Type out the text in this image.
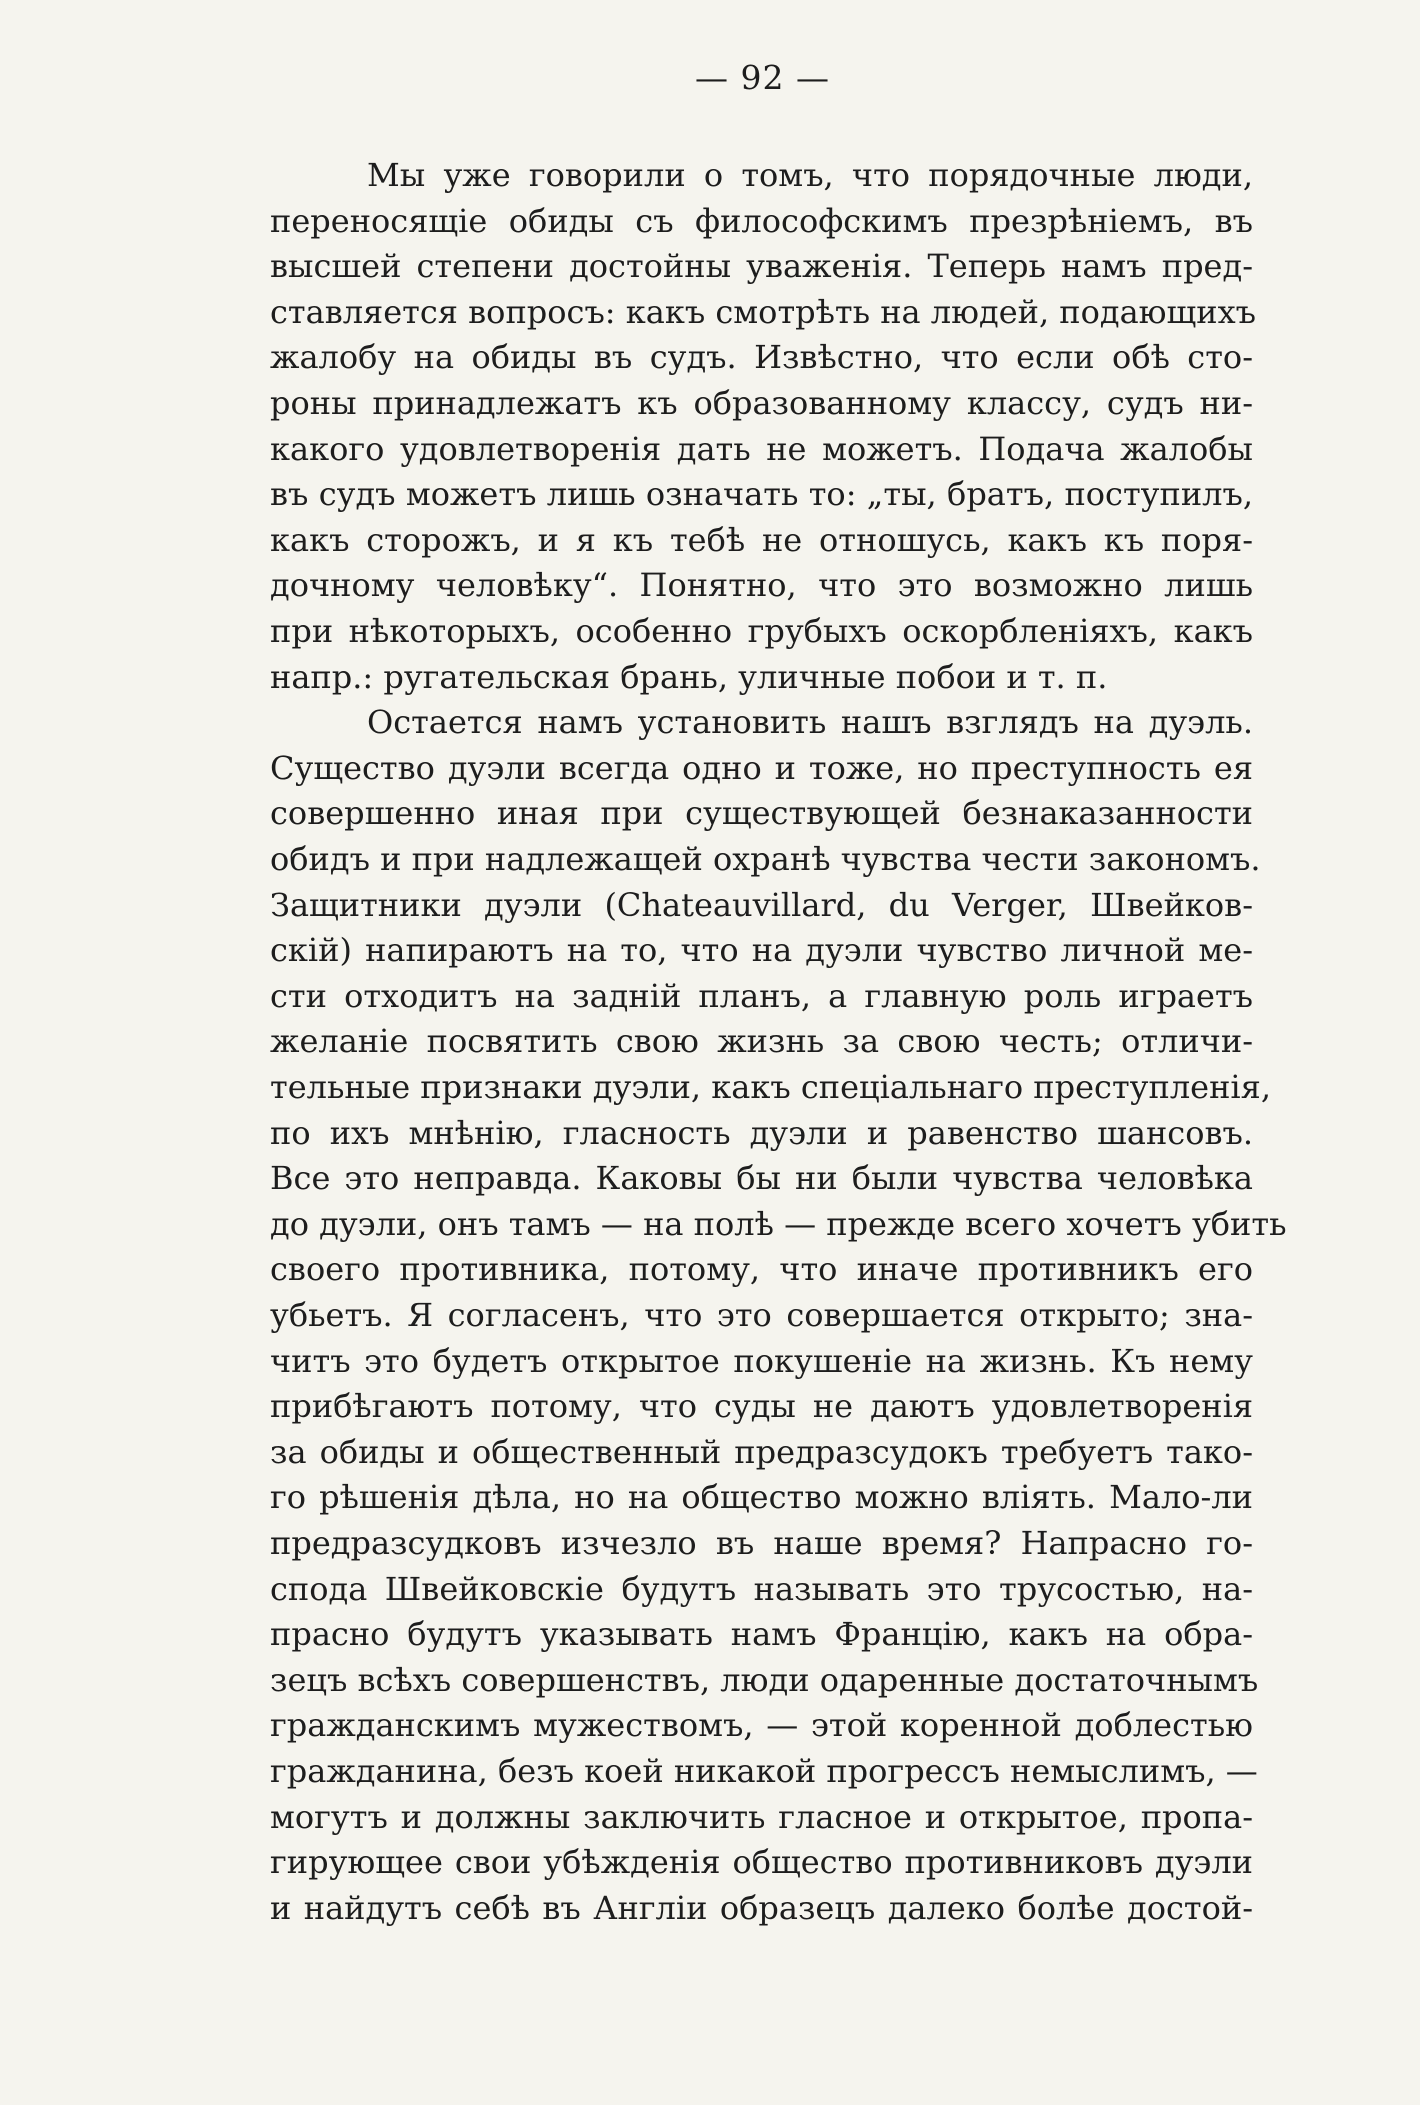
— 92 —
Мы уже говорили о томъ, что порядочные люди,
переносящіе обиды съ философскимъ презрѣніемъ, въ
высшей степени достойны уваженія. Теперь намъ пред-
ставляется вопросъ: какъ смотрѣть на людей, подающихъ
жалобу на обиды въ судъ. Извѣстно, что если обѣ сто-
роны принадлежатъ къ образованному классу, судъ ни-
какого удовлетворенія дать не можетъ. Подача жалобы
въ судъ можетъ лишь означать то: „ты, братъ, поступилъ,
какъ сторожъ, и я къ тебѣ не отношусь, какъ къ поря-
дочному человѣку“. Понятно, что это возможно лишь
при нѣкоторыхъ, особенно грубыхъ оскорбленіяхъ, какъ
напр.: ругательская брань, уличные побои и т. п.
Остается намъ установить нашъ взглядъ на дуэль.
Существо дуэли всегда одно и тоже, но преступность ея
совершенно иная при существующей безнаказанности
обидъ и при надлежащей охранѣ чувства чести закономъ.
Защитники дуэли (Chateauvillard, du Verger, Швейков-
скій) напираютъ на то, что на дуэли чувство личной ме-
сти отходитъ на задній планъ, а главную роль играетъ
желаніе посвятить свою жизнь за свою честь; отличи-
тельные признаки дуэли, какъ спеціальнаго преступленія,
по ихъ мнѣнію, гласность дуэли и равенство шансовъ.
Все это неправда. Каковы бы ни были чувства человѣка
до дуэли, онъ тамъ — на полѣ — прежде всего хочетъ убить
своего противника, потому, что иначе противникъ его
убьетъ. Я согласенъ, что это совершается открыто; зна-
читъ это будетъ открытое покушеніе на жизнь. Къ нему
прибѣгаютъ потому, что суды не даютъ удовлетворенія
за обиды и общественный предразсудокъ требуетъ тако-
го рѣшенія дѣла, но на общество можно вліять. Мало-ли
предразсудковъ изчезло въ наше время? Напрасно го-
спода Швейковскіе будутъ называть это трусостью, на-
прасно будутъ указывать намъ Францію, какъ на обра-
зецъ всѣхъ совершенствъ, люди одаренные достаточнымъ
гражданскимъ мужествомъ, — этой коренной доблестью
гражданина, безъ коей никакой прогрессъ немыслимъ, —
могутъ и должны заключить гласное и открытое, пропа-
гирующее свои убѣжденія общество противниковъ дуэли
и найдутъ себѣ въ Англіи образецъ далеко болѣе достой-
